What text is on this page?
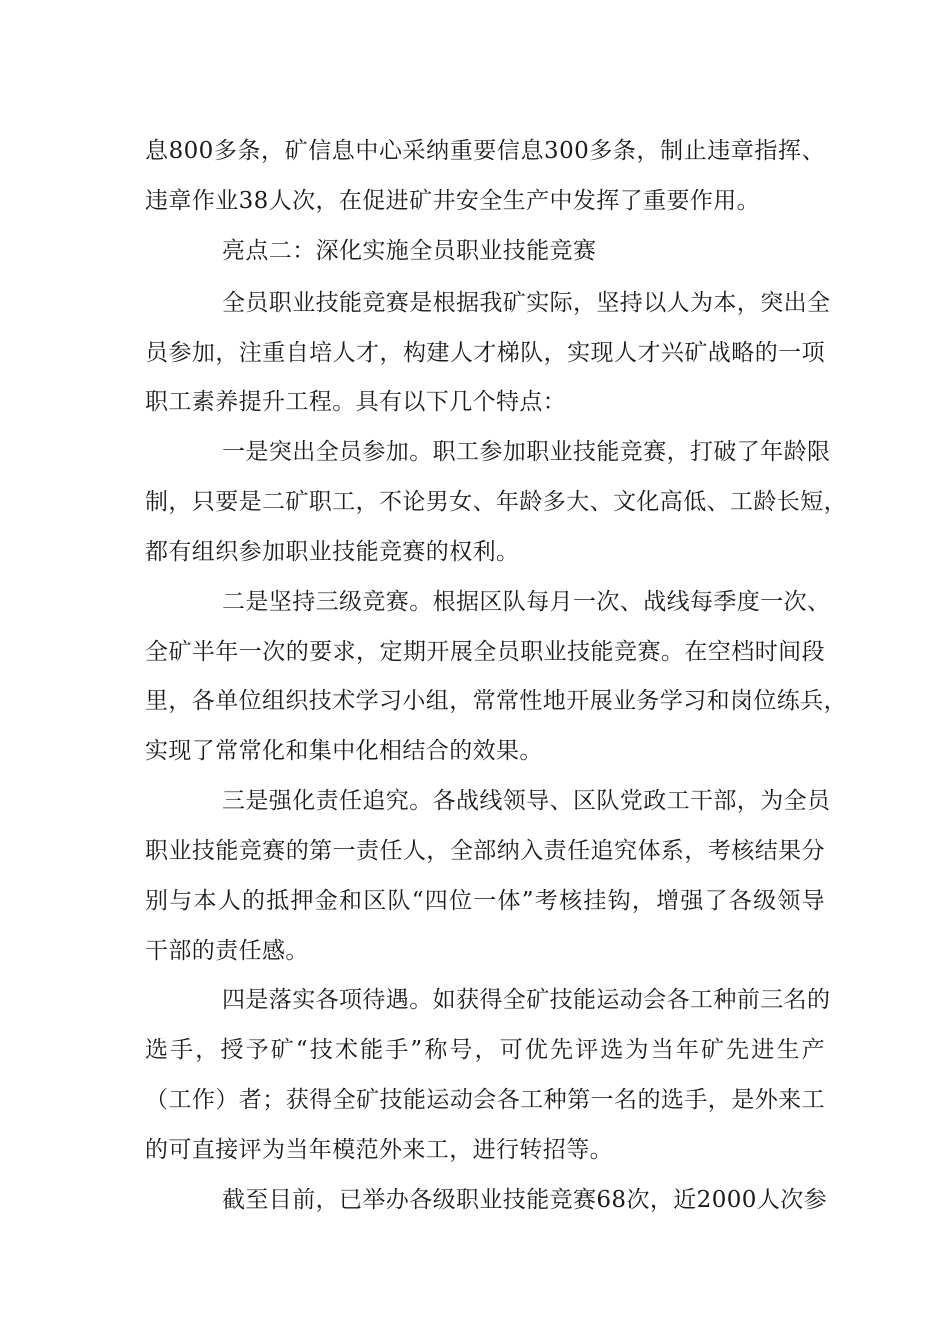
息800多条，矿信息中心采纳重要信息300多条，制止违章指挥、
违章作业38人次，在促进矿井安全生产中发挥了重要作用。
亮点二：深化实施全员职业技能竞赛
全员职业技能竞赛是根据我矿实际，坚持以人为本，突出全
员参加，注重自培人才，构建人才梯队，实现人才兴矿战略的一项
职工素养提升工程。具有以下几个特点：
一是突出全员参加。职工参加职业技能竞赛，打破了年龄限
制，只要是二矿职工，不论男女、年龄多大、文化高低、工龄长短，
都有组织参加职业技能竞赛的权利。
二是坚持三级竞赛。根据区队每月一次、战线每季度一次、
全矿半年一次的要求，定期开展全员职业技能竞赛。在空档时间段
里，各单位组织技术学习小组，常常性地开展业务学习和岗位练兵，
实现了常常化和集中化相结合的效果。
三是强化责任追究。各战线领导、区队党政工干部，为全员
职业技能竞赛的第一责任人，全部纳入责任追究体系，考核结果分
别与本人的抵押金和区队“四位一体”考核挂钩，增强了各级领导
干部的责任感。
四是落实各项待遇。如获得全矿技能运动会各工种前三名的
选手，授予矿“技术能手”称号，可优先评选为当年矿先进生产
（工作）者；获得全矿技能运动会各工种第一名的选手，是外来工
的可直接评为当年模范外来工，进行转招等。
截至目前，已举办各级职业技能竞赛68次，近2000人次参
